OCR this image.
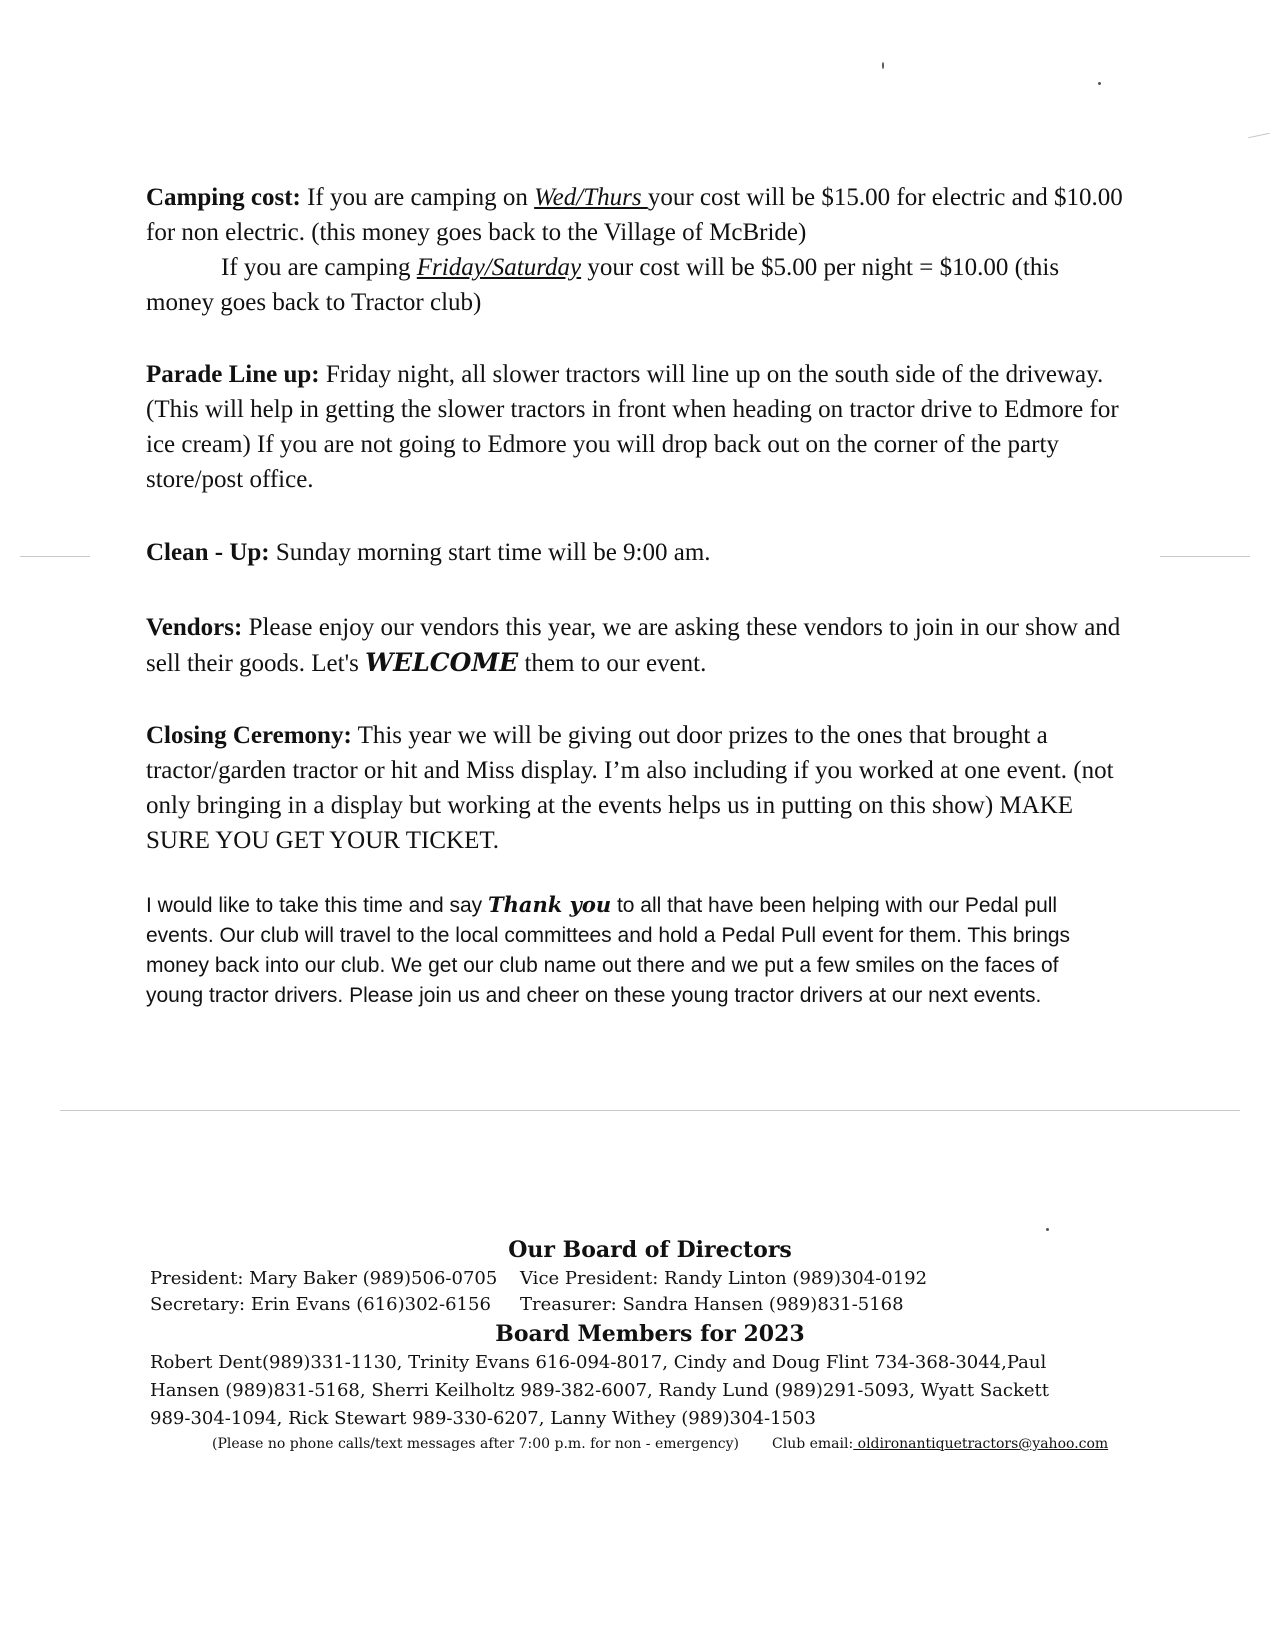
Camping cost: If you are camping on Wed/Thurs your cost will be $15.00 for electric and $10.00 for non electric. (this money goes back to the Village of McBride)
If you are camping Friday/Saturday your cost will be $5.00 per night = $10.00 (this money goes back to Tractor club)

Parade Line up: Friday night, all slower tractors will line up on the south side of the driveway. (This will help in getting the slower tractors in front when heading on tractor drive to Edmore for ice cream) If you are not going to Edmore you will drop back out on the corner of the party store/post office.

Clean - Up: Sunday morning start time will be 9:00 am.

Vendors: Please enjoy our vendors this year, we are asking these vendors to join in our show and sell their goods. Let's WELCOME them to our event.

Closing Ceremony: This year we will be giving out door prizes to the ones that brought a tractor/garden tractor or hit and Miss display. I’m also including if you worked at one event. (not only bringing in a display but working at the events helps us in putting on this show) MAKE SURE YOU GET YOUR TICKET.

I would like to take this time and say Thank you to all that have been helping with our Pedal pull events. Our club will travel to the local committees and hold a Pedal Pull event for them. This brings money back into our club. We get our club name out there and we put a few smiles on the faces of young tractor drivers. Please join us and cheer on these young tractor drivers at our next events.

Our Board of Directors
President: Mary Baker (989)506-0705 Vice President: Randy Linton (989)304-0192
Secretary: Erin Evans (616)302-6156 Treasurer: Sandra Hansen (989)831-5168
Board Members for 2023
Robert Dent(989)331-1130, Trinity Evans 616-094-8017, Cindy and Doug Flint 734-368-3044,Paul
Hansen (989)831-5168, Sherri Keilholtz 989-382-6007, Randy Lund (989)291-5093, Wyatt Sackett
989-304-1094, Rick Stewart 989-330-6207, Lanny Withey (989)304-1503
(Please no phone calls/text messages after 7:00 p.m. for non - emergency) Club email: oldironantiquetractors@yahoo.com
